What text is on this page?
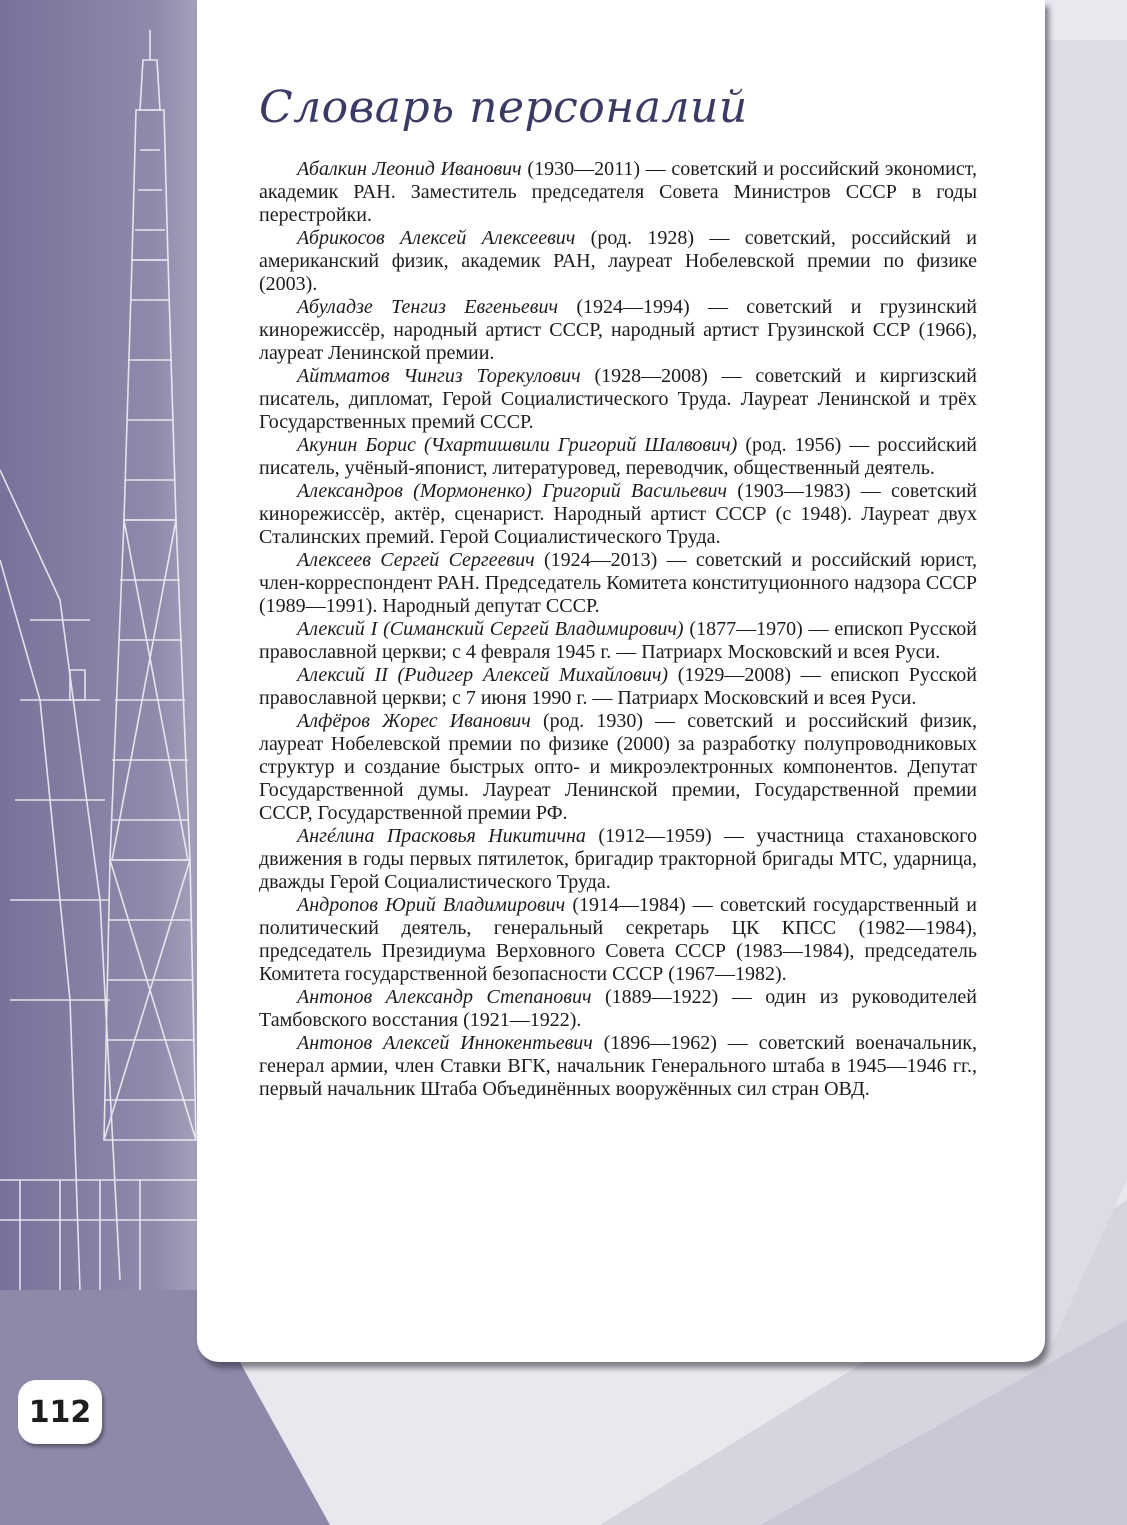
Словарь персоналий

Абалкин Леонид Иванович (1930—2011) — советский и российский экономист, академик РАН. Заместитель председателя Совета Министров СССР в годы перестройки.

Абрикосов Алексей Алексеевич (род. 1928) — советский, российский и американский физик, академик РАН, лауреат Нобелевской премии по физике (2003).

Абуладзе Тенгиз Евгеньевич (1924—1994) — советский и грузинский кинорежиссёр, народный артист СССР, народный артист Грузинской ССР (1966), лауреат Ленинской премии.

Айтматов Чингиз Торекулович (1928—2008) — советский и киргизский писатель, дипломат, Герой Социалистического Труда. Лауреат Ленинской и трёх Государственных премий СССР.

Акунин Борис (Чхартишвили Григорий Шалвович) (род. 1956) — российский писатель, учёный-японист, литературовед, переводчик, общественный деятель.

Александров (Мормоненко) Григорий Васильевич (1903—1983) — советский кинорежиссёр, актёр, сценарист. Народный артист СССР (с 1948). Лауреат двух Сталинских премий. Герой Социалистического Труда.

Алексеев Сергей Сергеевич (1924—2013) — советский и российский юрист, член-корреспондент РАН. Председатель Комитета конституционного надзора СССР (1989—1991). Народный депутат СССР.

Алексий I (Симанский Сергей Владимирович) (1877—1970) — епископ Русской православной церкви; с 4 февраля 1945 г. — Патриарх Московский и всея Руси.

Алексий II (Ридигер Алексей Михайлович) (1929—2008) — епископ Русской православной церкви; с 7 июня 1990 г. — Патриарх Московский и всея Руси.

Алфёров Жорес Иванович (род. 1930) — советский и российский физик, лауреат Нобелевской премии по физике (2000) за разработку полупроводниковых структур и создание быстрых опто- и микроэлектронных компонентов. Депутат Государственной думы. Лауреат Ленинской премии, Государственной премии СССР, Государственной премии РФ.

Ангéлина Прасковья Никитична (1912—1959) — участница стахановского движения в годы первых пятилеток, бригадир тракторной бригады МТС, ударница, дважды Герой Социалистического Труда.

Андропов Юрий Владимирович (1914—1984) — советский государственный и политический деятель, генеральный секретарь ЦК КПСС (1982—1984), председатель Президиума Верховного Совета СССР (1983—1984), председатель Комитета государственной безопасности СССР (1967—1982).

Антонов Александр Степанович (1889—1922) — один из руководителей Тамбовского восстания (1921—1922).

Антонов Алексей Иннокентьевич (1896—1962) — советский военачальник, генерал армии, член Ставки ВГК, начальник Генерального штаба в 1945—1946 гг., первый начальник Штаба Объединённых вооружённых сил стран ОВД.

112
